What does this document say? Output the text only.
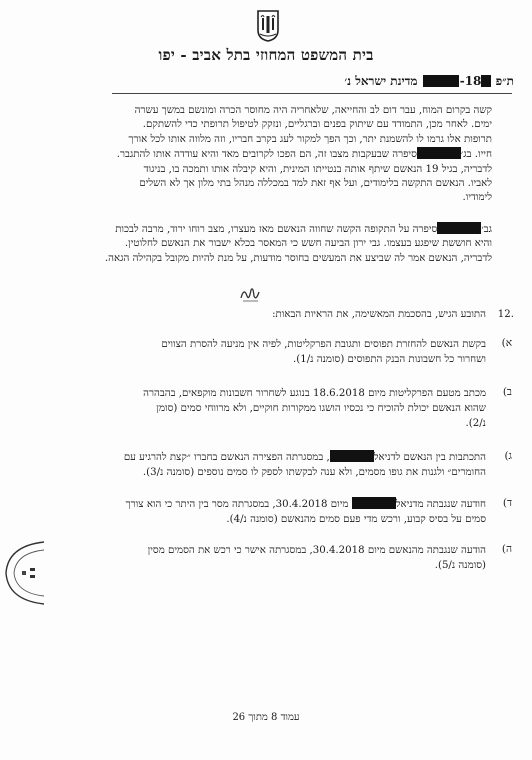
בית המשפט המחוזי בתל אביב - יפו
ת״פ 18- מדינת ישראל נ׳
קשה בקרום המוח, עבר דום לב והחייאה, שלאחריה היה מחוסר הכרה ומונשם במשך עשרה
ימים. לאחר מכן, התמודד עם שיתוק בפנים וברגליים, ונזקק לטיפול תרופתי כדי להשתקם.
תרופות אלו גרמו לו להשמנת יתר, וכך הפך למקור לעג בקרב חבריו, וזה מלווה אותו לכל אורך
חייו. בג׳סיפרה שבעקבות מצבו זה, הם הפכו לקרובים מאד והיא עודדה אותו להתגבר.
לדבריה, בגיל 19 הנאשם שיתף אותה בנטייתו המינית, והיא קיבלה אותו ותמכה בו, בניגוד
לאביו. הנאשם התקשה בלימודים, ועל אף זאת למד במכללה מנהל בתי מלון אך לא השלים
לימודיו.
גב׳סיפרה על התקופה הקשה שחווה הנאשם מאז מעצרו, מצב רוחו ירוד, מרבה לבכות
והיא חוששת שיפגע בעצמו. גבי ירון הביעה חשש כי המאסר בכלא ישבור את הנאשם לחלוטין.
לדבריה, הנאשם אמר לה שביצע את המעשים בחוסר מודעות, על מנת להיות מקובל בקהילה הגאה.
.12
התובע הגיש, בהסכמת המאשימה, את הראיות הבאות:
א)
בקשת הנאשם להחזרת תפוסים ותגובת הפרקליטות, לפיה אין מניעה להסרת הצווים
ושחרור כל חשבונות הבנק התפוסים (סומנה נ/1).
ב)
מכתב מטעם הפרקליטות מיום 18.6.2018 בנוגע לשחרור חשבונות מוקפאים, בהבהרה
שהוא הנאשם יכולת להוכיח כי נכסיו הושגו ממקורות חוקיים, ולא מרווחי סמים (סומן
נ/2).
ג)
התכתבות בין הנאשם לדניאל, במסגרתה הפצירה הנאשם בחברו ״קצת להרגיע עם
החומרים״ ולגנות את גופו מסמים, ולא ענה לבקשתו לספק לו סמים נוספים (סומנה נ/3).
ד)
חודעה שנגבתה מדניאל מיום 30.4.2018, במסגרתה מסר בין היתר כי הוא צורך
סמים על בסיס קבוע, ורכש מדי פעם סמים מהנאשם (סומנה נ/4).
ה)
הודעה שנגבתה מהנאשם מיום 30.4.2018, במסגרתה אישר כי רכש את הסמים מסין
(סומנה נ/5).
עמוד 8 מתוך 26
